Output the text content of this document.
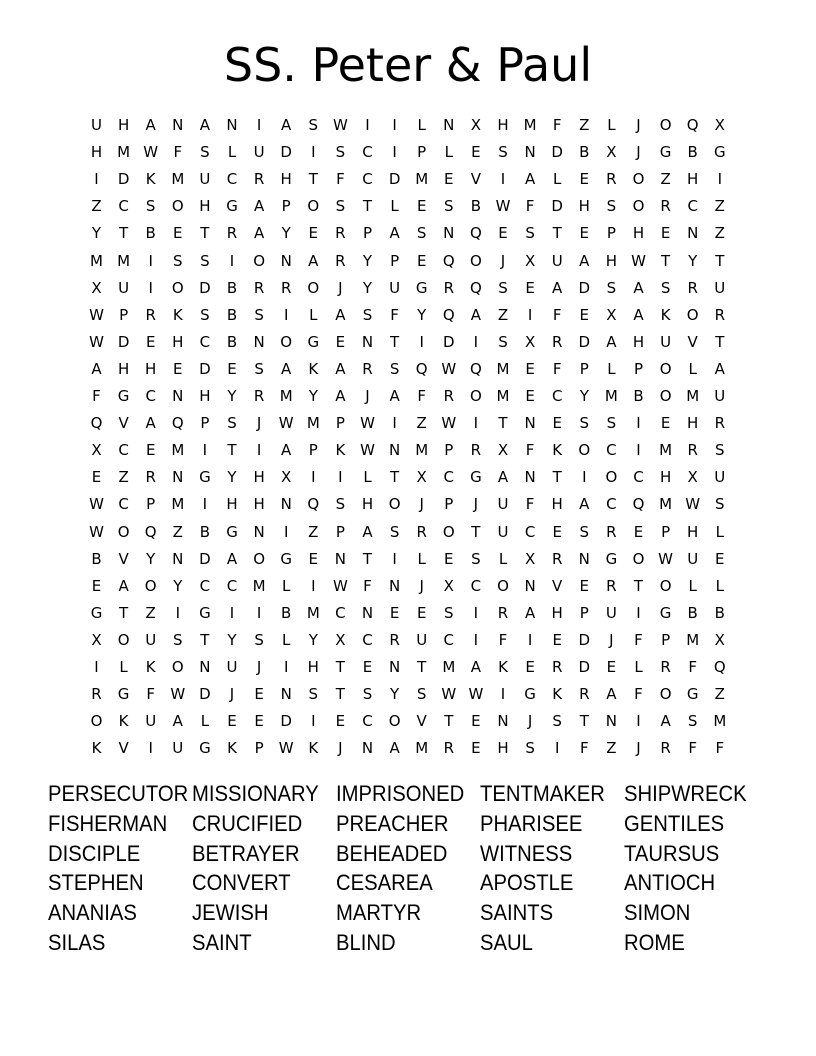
SS. Peter & Paul
U	H	A	N	A	N	I	A	S W	I	I	L	N	X	H M	F	Z	L	J	O	Q	X
H M W	F	S	L	U	D	I	S	C	I	P	L	E	S	N	D	B	X	J	G	B	G
I	D	K	M	U	C	R	H	T	F	C	D M	E	V	I	A	L	E	R	O	Z	H	I
Z	C	S	O	H	G	A	P	O	S	T	L	E	S	B W	F	D	H	S	O	R	C	Z
Y	T	B	E	T	R	A	Y	E	R	P	A	S	N	Q	E	S	T	E	P	H	E	N	Z
M M	I	S	S	I	O	N	A	R	Y	P	E	Q	O	J	X	U	A	H W	T	Y	T
X	U	I	O	D	B	R	R	O	J	Y	U	G	R	Q	S	E	A	D	S	A	S	R	U
W	P	R	K	S	B	S	I	L	A	S	F	Y	Q	A	Z	I	F	E	X	A	K	O	R
W D	E	H	C	B	N	O	G	E	N	T	I	D	I	S	X	R	D	A	H	U	V	T
A	H	H	E	D	E	S	A	K	A	R	S	Q W Q M	E	F	P	L	P	O	L	A
F	G	C	N	H	Y	R	M	Y	A	J	A	F	R	O M	E	C	Y	M	B	O M	U
Q	V	A	Q	P	S	J	W M	P	W	I	Z W	I	T	N	E	S	S	I	E	H	R
X	C	E	M	I	T	I	A	P	K W N	M	P	R	X	F	K	O	C	I	M	R	S
E	Z	R	N	G	Y	H	X	I	I	L	T	X	C	G	A	N	T	I	O	C	H	X	U
W C	P	M	I	H	H	N	Q	S	H	O	J	P	J	U	F	H	A	C	Q M W S
W O	Q	Z	B	G	N	I	Z	P	A	S	R	O	T	U	C	E	S	R	E	P	H	L
B	V	Y	N	D	A	O	G	E	N	T	I	L	E	S	L	X	R	N	G	O W U	E
E	A	O	Y	C	C	M	L	I	W	F	N	J	X	C	O	N	V	E	R	T	O	L	L
G	T	Z	I	G	I	I	B	M	C	N	E	E	S	I	R	A	H	P	U	I	G	B	B
X	O	U	S	T	Y	S	L	Y	X	C	R	U	C	I	F	I	E	D	J	F	P	M	X
I	L	K	O	N	U	J	I	H	T	E	N	T	M	A	K	E	R	D	E	L	R	F	Q
R	G	F	W D	J	E	N	S	T	S	Y	S W W	I	G	K	R	A	F	O	G	Z
O	K	U	A	L	E	E	D	I	E	C	O	V	T	E	N	J	S	T	N	I	A	S	M
K	V	I	U	G	K	P	W K	J	N	A	M	R	E	H	S	I	F	Z	J	R	F	F
PERSECUTOR MISSIONARY IMPRISONED TENTMAKER SHIPWRECK
FISHERMAN CRUCIFIED PREACHER PHARISEE GENTILES
DISCIPLE BETRAYER BEHEADED WITNESS TAURSUS
STEPHEN CONVERT CESAREA APOSTLE ANTIOCH
ANANIAS	JEWISH	MARTYR	SAINTS	SIMON
SILAS	SAINT	BLIND	SAUL	ROME
